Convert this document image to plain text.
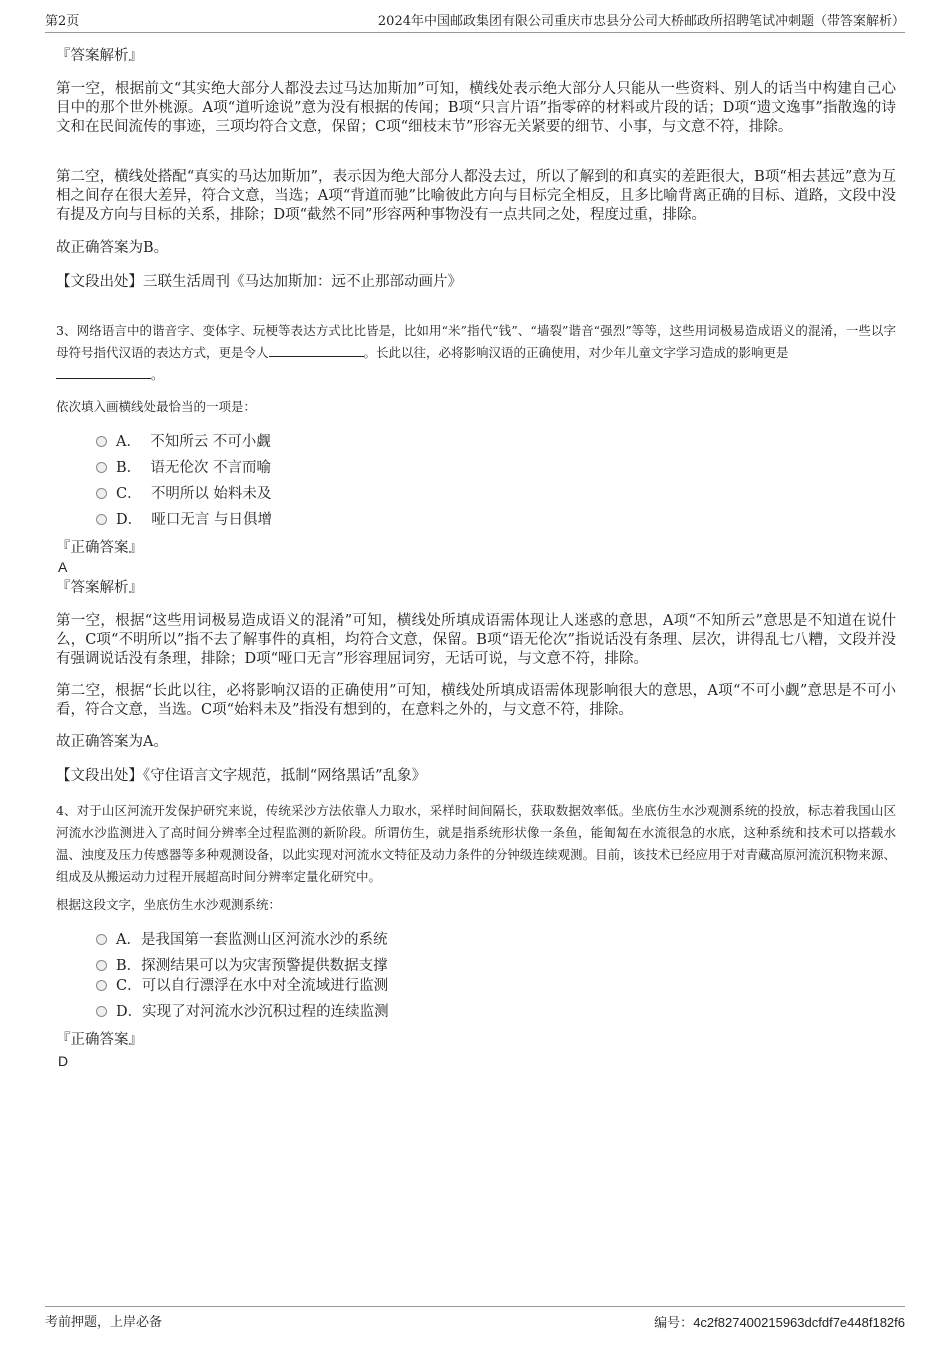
第2页	2024年中国邮政集团有限公司重庆市忠县分公司大桥邮政所招聘笔试冲刺题（带答案解析）

『答案解析』

第一空，根据前文“其实绝大部分人都没去过马达加斯加”可知，横线处表示绝大部分人只能从一些资料、别人的话当中构建自己心目中的那个世外桃源。A项“道听途说”意为没有根据的传闻；B项“只言片语”指零碎的材料或片段的话；D项“遗文逸事”指散逸的诗文和在民间流传的事迹，三项均符合文意，保留；C项“细枝末节”形容无关紧要的细节、小事，与文意不符，排除。

第二空，横线处搭配“真实的马达加斯加”，表示因为绝大部分人都没去过，所以了解到的和真实的差距很大，B项“相去甚远”意为互相之间存在很大差异，符合文意，当选；A项“背道而驰”比喻彼此方向与目标完全相反，且多比喻背离正确的目标、道路，文段中没有提及方向与目标的关系，排除；D项“截然不同”形容两种事物没有一点共同之处，程度过重，排除。

故正确答案为B。

【文段出处】三联生活周刊《马达加斯加：远不止那部动画片》

3、网络语言中的谐音字、变体字、玩梗等表达方式比比皆是，比如用“米”指代“钱”、“墙裂”谐音“强烈”等等，这些用词极易造成语义的混淆，一些以字母符号指代汉语的表达方式，更是令人	。长此以往，必将影响汉语的正确使用，对少年儿童文字学习造成的影响更是
。

依次填入画横线处最恰当的一项是：

A． 不知所云 不可小觑
B． 语无伦次 不言而喻
C． 不明所以 始料未及
D． 哑口无言 与日俱增

『正确答案』

A

『答案解析』

第一空，根据“这些用词极易造成语义的混淆”可知，横线处所填成语需体现让人迷惑的意思，A项“不知所云”意思是不知道在说什么，C项“不明所以”指不去了解事件的真相，均符合文意，保留。B项“语无伦次”指说话没有条理、层次，讲得乱七八糟，文段并没有强调说话没有条理，排除；D项“哑口无言”形容理屈词穷，无话可说，与文意不符，排除。

第二空，根据“长此以往，必将影响汉语的正确使用”可知，横线处所填成语需体现影响很大的意思，A项“不可小觑”意思是不可小看，符合文意，当选。C项“始料未及”指没有想到的，在意料之外的，与文意不符，排除。

故正确答案为A。

【文段出处】《守住语言文字规范，抵制“网络黑话”乱象》

4、对于山区河流开发保护研究来说，传统采沙方法依靠人力取水，采样时间间隔长，获取数据效率低。坐底仿生水沙观测系统的投放，标志着我国山区河流水沙监测进入了高时间分辨率全过程监测的新阶段。所谓仿生，就是指系统形状像一条鱼，能匍匐在水流很急的水底，这种系统和技术可以搭载水温、浊度及压力传感器等多种观测设备，以此实现对河流水文特征及动力条件的分钟级连续观测。目前，该技术已经应用于对青藏高原河流沉积物来源、组成及从搬运动力过程开展超高时间分辨率定量化研究中。

根据这段文字，坐底仿生水沙观测系统：

A．是我国第一套监测山区河流水沙的系统
B．探测结果可以为灾害预警提供数据支撑
C．可以自行漂浮在水中对全流域进行监测
D．实现了对河流水沙沉积过程的连续监测

『正确答案』

D

考前押题，上岸必备	编号：4c2f827400215963dcfdf7e448f182f6
